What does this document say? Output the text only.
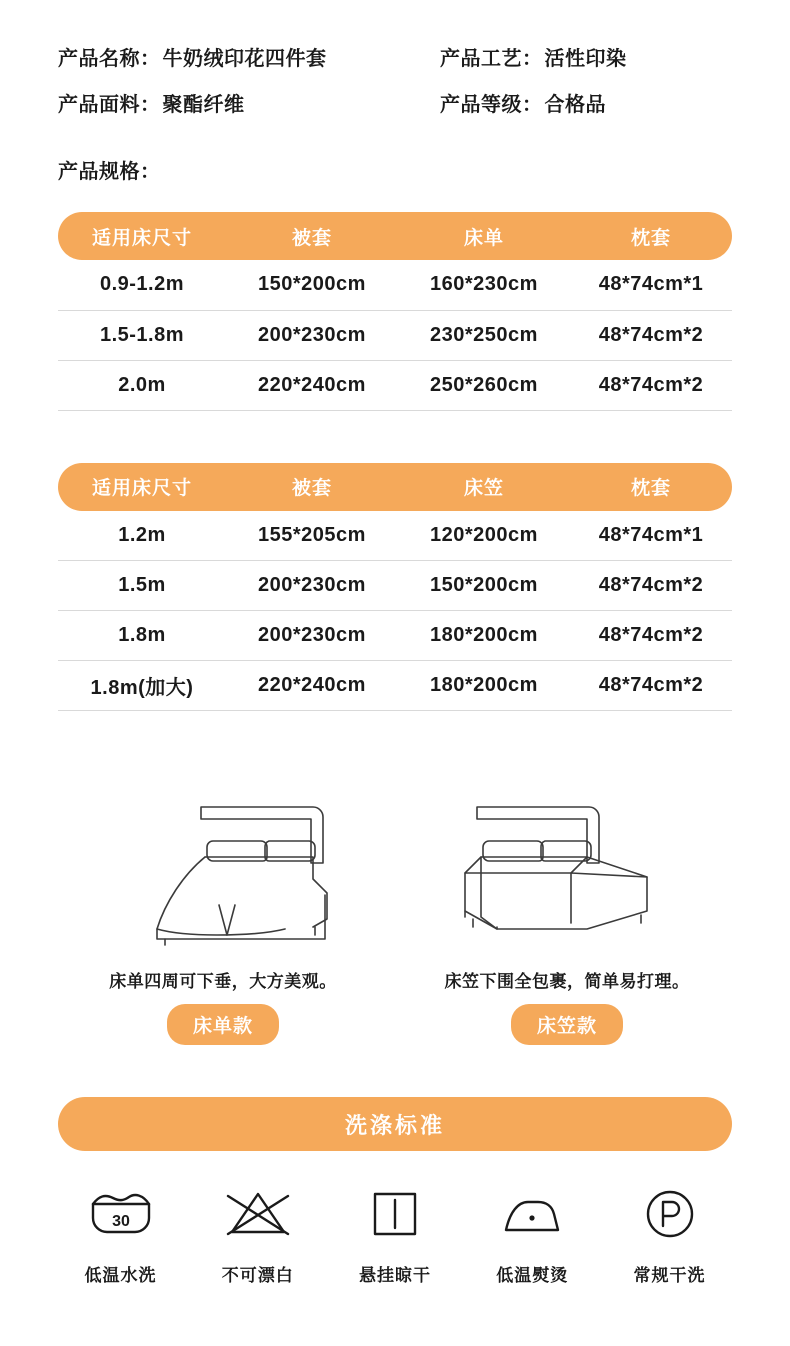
产品名称： 牛奶绒印花四件套	产品工艺： 活性印染
产品面料： 聚酯纤维	产品等级： 合格品
产品规格：
适用床尺寸	被套	床单	枕套
0.9-1.2m	150*200cm	160*230cm	48*74cm*1
1.5-1.8m	200*230cm	230*250cm	48*74cm*2
2.0m	220*240cm	250*260cm	48*74cm*2
适用床尺寸	被套	床笠	枕套
1.2m	155*205cm	120*200cm	48*74cm*1
1.5m	200*230cm	150*200cm	48*74cm*2
1.8m	200*230cm	180*200cm	48*74cm*2
1.8m(加大)	220*240cm	180*200cm	48*74cm*2
床单四周可下垂，大方美观。
床单款
床笠下围全包裹，简单易打理。
床笠款
洗涤标准
30
低温水洗	不可漂白	悬挂晾干	低温熨烫	常规干洗
